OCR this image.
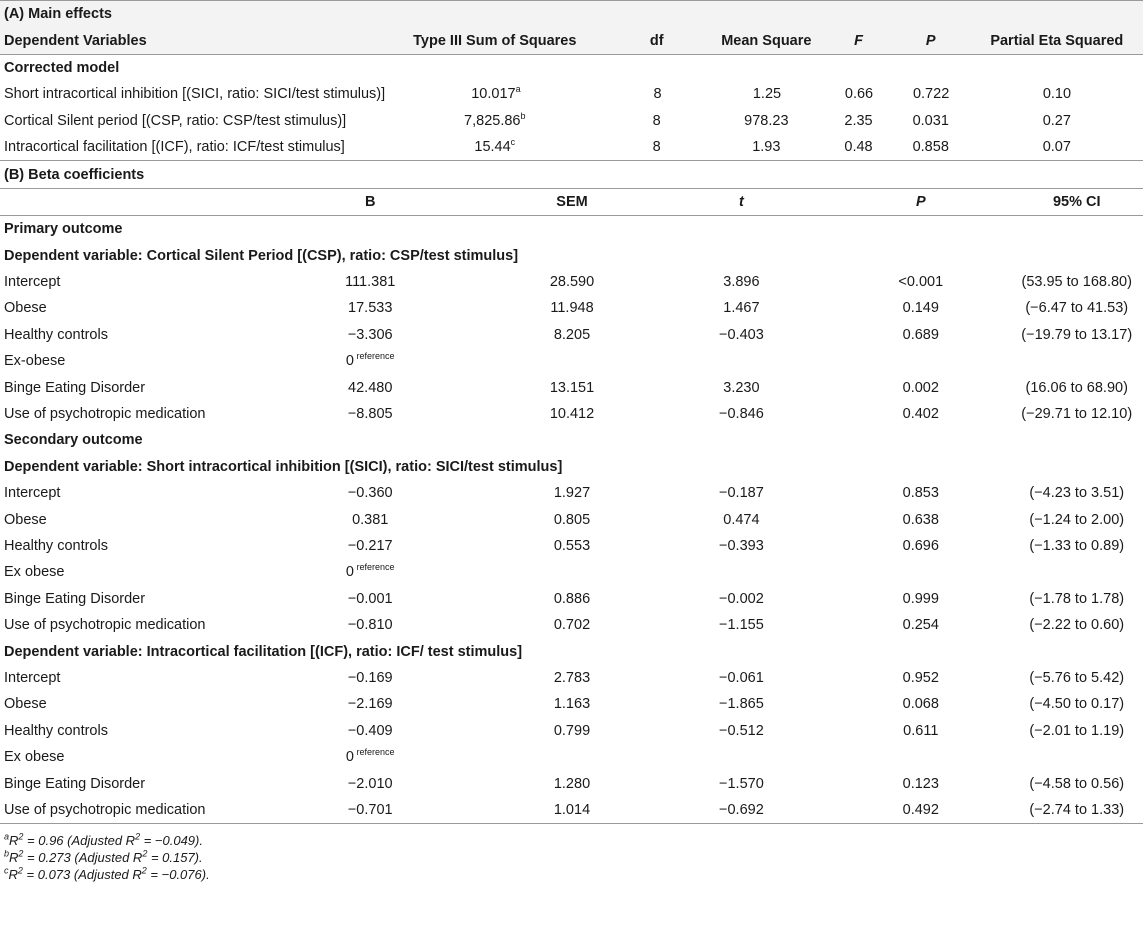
(A) Main effects
Dependent Variables	Type III Sum of Squares	df	Mean Square	F	P	Partial Eta Squared
Corrected model
Short intracortical inhibition [(SICI, ratio: SICI/test stimulus)]	10.017$^a$	8	1.25	0.66	0.722	0.10
Cortical Silent period [(CSP, ratio: CSP/test stimulus)]	7,825.86$^b$	8	978.23	2.35	0.031	0.27
Intracortical facilitation [(ICF), ratio: ICF/test stimulus]	15.44$^c$	8	1.93	0.48	0.858	0.07
(B) Beta coefficients
B	SEM	t	P	95% CI
Primary outcome
Dependent variable: Cortical Silent Period [(CSP), ratio: CSP/test stimulus]
Intercept	111.381	28.590	3.896	<0.001	(53.95 to 168.80)
Obese	17.533	11.948	1.467	0.149	(−6.47 to 41.53)
Healthy controls	−3.306	8.205	−0.403	0.689	(−19.79 to 13.17)
Ex-obese	0 $^{reference}$
Binge Eating Disorder	42.480	13.151	3.230	0.002	(16.06 to 68.90)
Use of psychotropic medication	−8.805	10.412	−0.846	0.402	(−29.71 to 12.10)
Secondary outcome
Dependent variable: Short intracortical inhibition [(SICI), ratio: SICI/test stimulus]
Intercept	−0.360	1.927	−0.187	0.853	(−4.23 to 3.51)
Obese	0.381	0.805	0.474	0.638	(−1.24 to 2.00)
Healthy controls	−0.217	0.553	−0.393	0.696	(−1.33 to 0.89)
Ex obese	0 $^{reference}$
Binge Eating Disorder	−0.001	0.886	−0.002	0.999	(−1.78 to 1.78)
Use of psychotropic medication	−0.810	0.702	−1.155	0.254	(−2.22 to 0.60)
Dependent variable: Intracortical facilitation [(ICF), ratio: ICF/ test stimulus]
Intercept	−0.169	2.783	−0.061	0.952	(−5.76 to 5.42)
Obese	−2.169	1.163	−1.865	0.068	(−4.50 to 0.17)
Healthy controls	−0.409	0.799	−0.512	0.611	(−2.01 to 1.19)
Ex obese	0 $^{reference}$
Binge Eating Disorder	−2.010	1.280	−1.570	0.123	(−4.58 to 0.56)
Use of psychotropic medication	−0.701	1.014	−0.692	0.492	(−2.74 to 1.33)
$^aR^2 = 0.96$ (Adjusted $R^2 = -0.049$).
$^bR^2 = 0.273$ (Adjusted $R^2 = 0.157$).
$^cR^2 = 0.073$ (Adjusted $R^2 = -0.076$).
